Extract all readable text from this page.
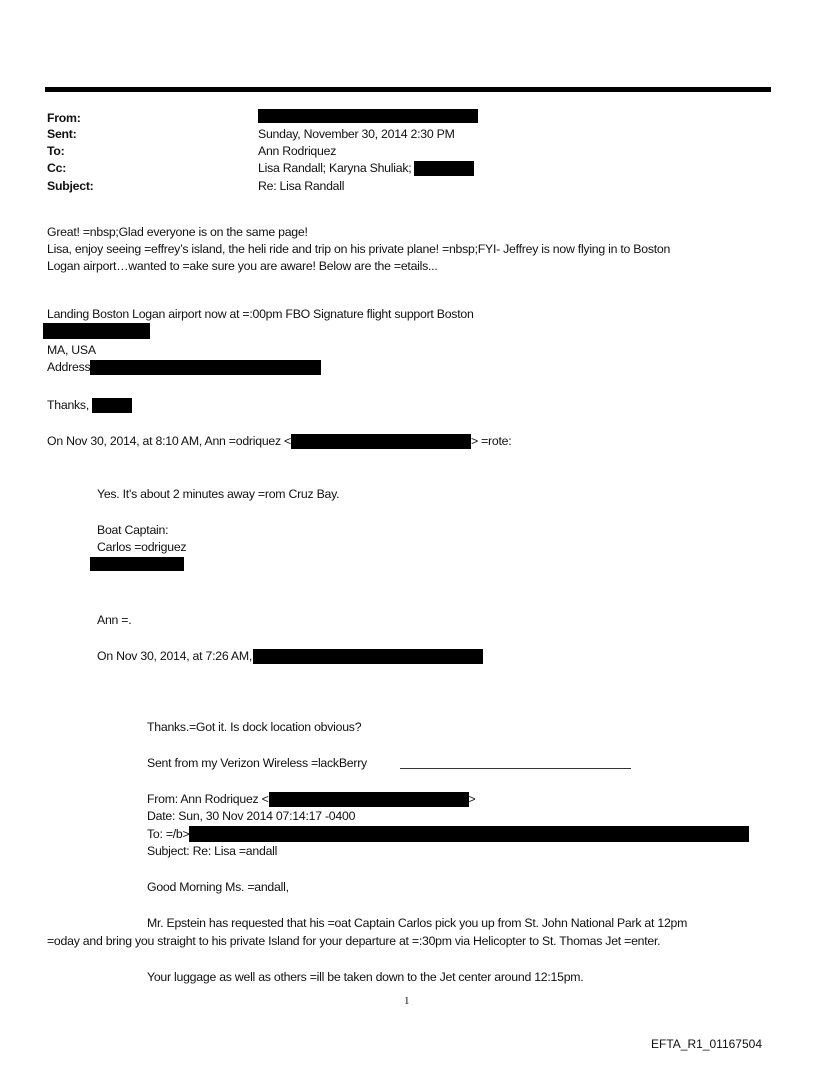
From:
Sent:	Sunday, November 30, 2014 2:30 PM
To:	Ann Rodriquez
Cc:	Lisa Randall; Karyna Shuliak;
Subject:	Re: Lisa Randall
Great! =nbsp;Glad everyone is on the same page!
Lisa, enjoy seeing =effrey’s island, the heli ride and trip on his private plane! =nbsp;FYI- Jeffrey is now flying in to Boston
Logan airport…wanted to =ake sure you are aware! Below are the =etails...
Landing Boston Logan airport now at =:00pm FBO Signature flight support Boston
MA, USA
Address
Thanks,
On Nov 30, 2014, at 8:10 AM, Ann =odriquez <	> =rote:
Yes. It's about 2 minutes away =rom Cruz Bay.
Boat Captain:
Carlos =odriguez
Ann =.
On Nov 30, 2014, at 7:26 AM,
Thanks.=Got it. Is dock location obvious?
Sent from my Verizon Wireless =lackBerry
From: Ann Rodriquez <	>
Date: Sun, 30 Nov 2014 07:14:17 -0400
To: =/b>
Subject: Re: Lisa =andall
Good Morning Ms. =andall,
Mr. Epstein has requested that his =oat Captain Carlos pick you up from St. John National Park at 12pm
=oday and bring you straight to his private Island for your departure at =:30pm via Helicopter to St. Thomas Jet =enter.
Your luggage as well as others =ill be taken down to the Jet center around 12:15pm.
1
EFTA_R1_01167504
